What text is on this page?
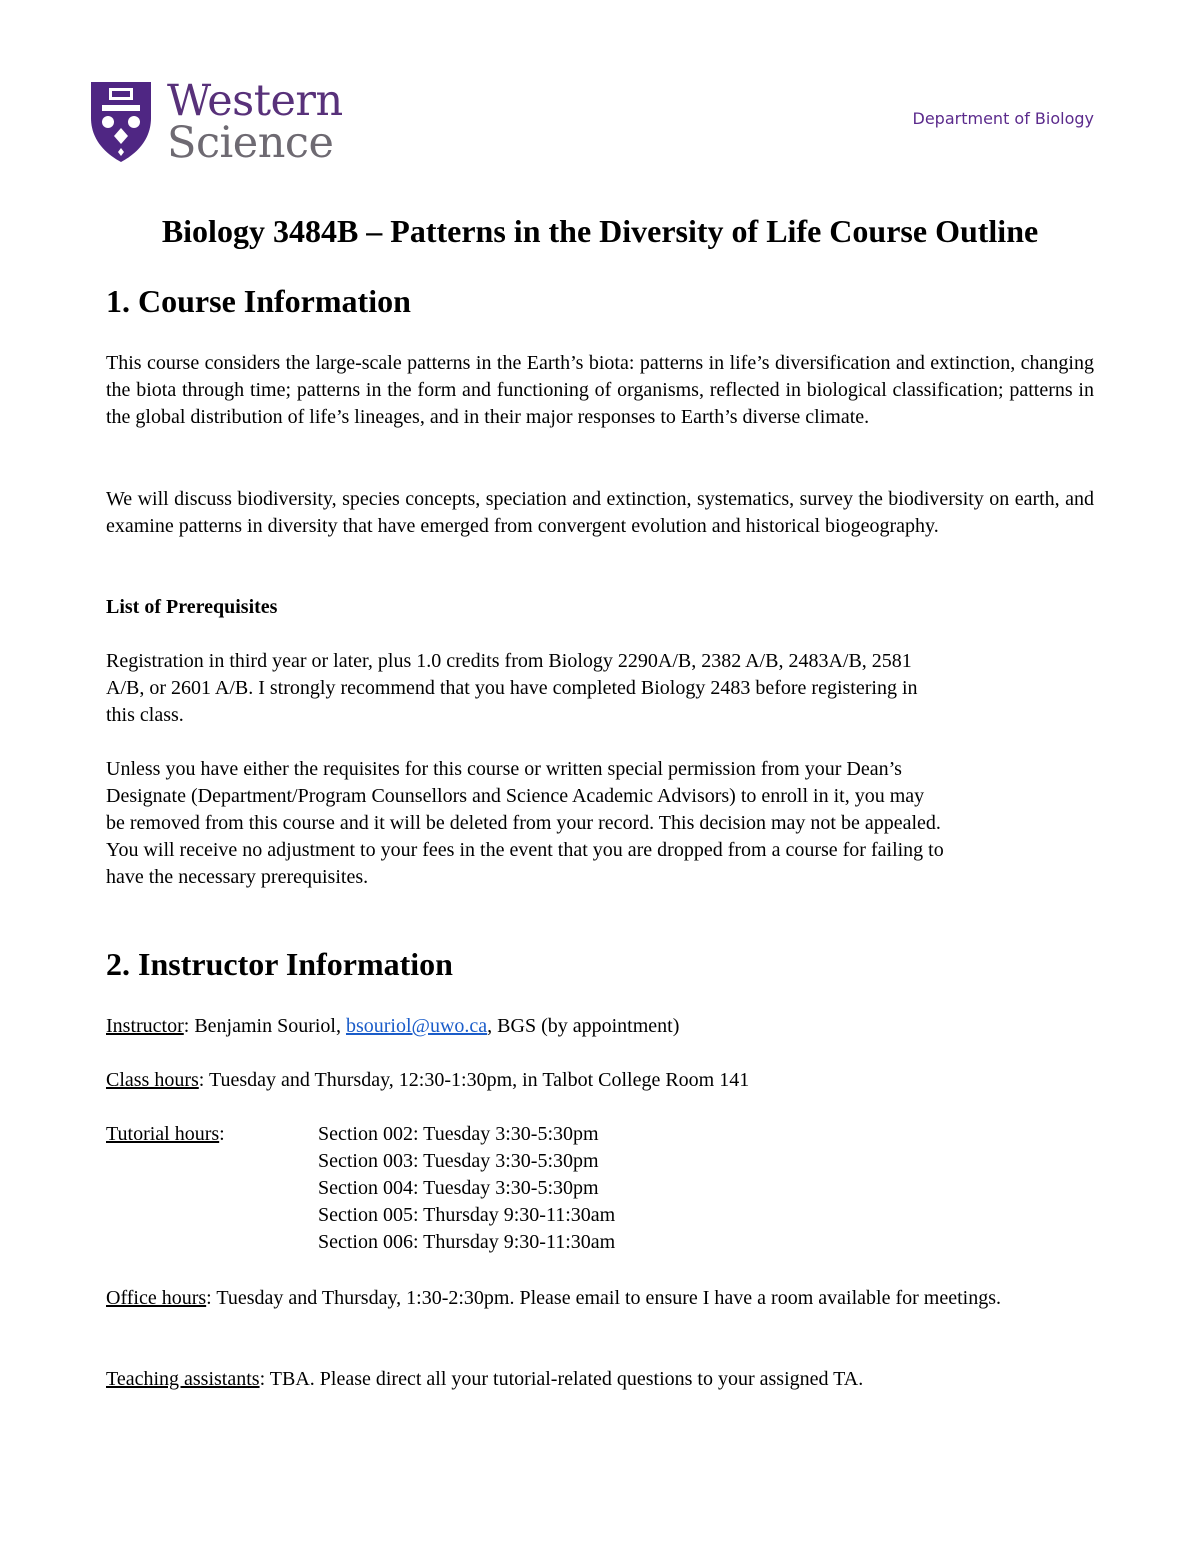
Western
Science	Department of Biology
Biology 3484B – Patterns in the Diversity of Life Course Outline
1. Course Information

This course considers the large-scale patterns in the Earth’s biota: patterns in life’s diversification and extinction, changing the biota through time; patterns in the form and functioning of organisms, reflected in biological classification; patterns in the global distribution of life’s lineages, and in their major responses to Earth’s diverse climate.

We will discuss biodiversity, species concepts, speciation and extinction, systematics, survey the biodiversity on earth, and examine patterns in diversity that have emerged from convergent evolution and historical biogeography.

List of Prerequisites
Registration in third year or later, plus 1.0 credits from Biology 2290A/B, 2382 A/B, 2483A/B, 2581
A/B, or 2601 A/B. I strongly recommend that you have completed Biology 2483 before registering in
this class.
Unless you have either the requisites for this course or written special permission from your Dean’s
Designate (Department/Program Counsellors and Science Academic Advisors) to enroll in it, you may
be removed from this course and it will be deleted from your record. This decision may not be appealed.
You will receive no adjustment to your fees in the event that you are dropped from a course for failing to
have the necessary prerequisites.
2. Instructor Information
Instructor: Benjamin Souriol, bsouriol@uwo.ca, BGS (by appointment)
Class hours: Tuesday and Thursday, 12:30-1:30pm, in Talbot College Room 141
Tutorial hours:	Section 002: Tuesday 3:30-5:30pm
Section 003: Tuesday 3:30-5:30pm
Section 004: Tuesday 3:30-5:30pm
Section 005: Thursday 9:30-11:30am
Section 006: Thursday 9:30-11:30am
Office hours: Tuesday and Thursday, 1:30-2:30pm. Please email to ensure I have a room available for meetings.
Teaching assistants: TBA. Please direct all your tutorial-related questions to your assigned TA.
